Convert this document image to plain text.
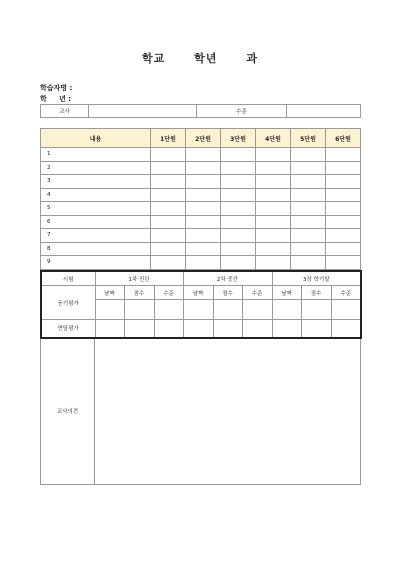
학교      학년      과
학습자명 :
학     년 :
교사		수준	
내용	1단원	2단원	3단원	4단원	5단원	6단원
1						
2						
3						
4						
5						
6						
7						
8						
9						
시험	1차 진단			2차 중간			3장 학기말		
듣기평가	날짜	점수	수준	날짜	점수	수준	날짜	점수	수준

면담평가									
교사의견	
